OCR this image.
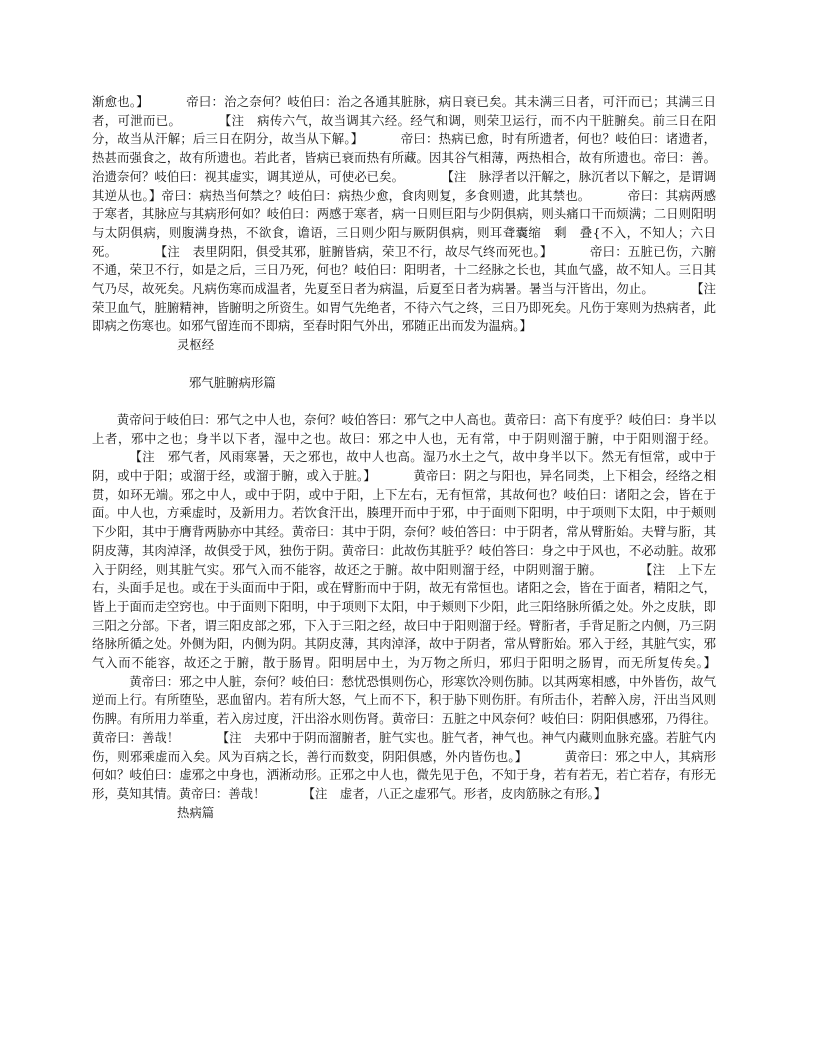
渐愈也。】	帝曰：治之奈何？岐伯曰：治之各通其脏脉，病日衰已矣。其未满三日者，可汗而已；其满三日者，可泄而已。	【注　病传六气，故当调其六经。经气和调，则荣卫运行，而不内干脏腑矣。前三日在阳分，故当从汗解；后三日在阴分，故当从下解。】	帝曰：热病已愈，时有所遗者，何也？岐伯曰：诸遗者，热甚而强食之，故有所遗也。若此者，皆病已衰而热有所藏。因其谷气相薄，两热相合，故有所遗也。帝曰：善。治遗奈何？岐伯曰：视其虚实，调其逆从，可使必已矣。	【注　脉浮者以汗解之，脉沉者以下解之，是谓调其逆从也。】帝曰：病热当何禁之？岐伯曰：病热少愈，食肉则复，多食则遗，此其禁也。	帝曰：其病两感于寒者，其脉应与其病形何如？岐伯曰：两感于寒者，病一日则巨阳与少阴俱病，则头痛口干而烦满；二日则阳明与太阴俱病，则腹满身热，不欲食，谵语，三日则少阳与厥阴俱病，则耳聋囊缩　剩　叠{不入，不知人；六日死。	【注　表里阴阳，俱受其邪，脏腑皆病，荣卫不行，故尽气终而死也。】	帝曰：五脏已伤，六腑不通，荣卫不行，如是之后，三日乃死，何也？岐伯曰：阳明者，十二经脉之长也，其血气盛，故不知人。三日其气乃尽，故死矣。凡病伤寒而成温者，先夏至日者为病温，后夏至日者为病暑。暑当与汗皆出，勿止。	【注　荣卫血气，脏腑精神，皆腑明之所资生。如胃气先绝者，不待六气之终，三日乃即死矣。凡伤于寒则为热病者，此即病之伤寒也。如邪气留连而不即病，至春时阳气外出，邪随正出而发为温病。】

灵枢经

邪气脏腑病形篇

黄帝问于岐伯曰：邪气之中人也，奈何？岐伯答曰：邪气之中人高也。黄帝曰：高下有度乎？岐伯曰：身半以上者，邪中之也；身半以下者，湿中之也。故曰：邪之中人也，无有常，中于阴则溜于腑，中于阳则溜于经。【注　邪气者，风雨寒暑，天之邪也，故中人也高。湿乃水土之气，故中身半以下。然无有恒常，或中于阴，或中于阳；或溜于经，或溜于腑，或入于脏。】	黄帝曰：阴之与阳也，异名同类，上下相会，经络之相贯，如环无端。邪之中人，或中于阴，或中于阳，上下左右，无有恒常，其故何也？岐伯曰：诸阳之会，皆在于面。中人也，方乘虚时，及新用力。若饮食汗出，腠理开而中于邪，中于面则下阳明，中于项则下太阳，中于颊则下少阳，其中于膺背两胁亦中其经。黄帝曰：其中于阴，奈何？岐伯答曰：中于阴者，常从臂胻始。夫臂与胻，其阴皮薄，其肉淖泽，故俱受于风，独伤于阴。黄帝曰：此故伤其脏乎？岐伯答曰：身之中于风也，不必动脏。故邪入于阴经，则其脏气实。邪气入而不能容，故还之于腑。故中阳则溜于经，中阴则溜于腑。	【注　上下左右，头面手足也。或在于头面而中于阳，或在臂胻而中于阴，故无有常恒也。诸阳之会，皆在于面者，精阳之气，皆上于面而走空窍也。中于面则下阳明，中于项则下太阳，中于颊则下少阳，此三阳络脉所循之处。外之皮肤，即三阳之分部。下者，谓三阳皮部之邪，下入于三阳之经，故曰中于阳则溜于经。臂胻者，手背足胻之内侧，乃三阴络脉所循之处。外侧为阳，内侧为阴。其阴皮薄，其肉淖泽，故中于阴者，常从臂胻始。邪入于经，其脏气实，邪气入而不能容，故还之于腑，散于肠胃。阳明居中土，为万物之所归，邪归于阳明之肠胃，而无所复传矣。】黄帝曰：邪之中人脏，奈何？岐伯曰：愁忧恐惧则伤心，形寒饮冷则伤肺。以其两寒相感，中外皆伤，故气逆而上行。有所堕坠，恶血留内。若有所大怒，气上而不下，积于胁下则伤肝。有所击仆，若醉入房，汗出当风则伤脾。有所用力举重，若入房过度，汗出浴水则伤肾。黄帝曰：五脏之中风奈何？岐伯曰：阴阳俱感邪，乃得往。黄帝曰：善哉！	【注　夫邪中于阴而溜腑者，脏气实也。脏气者，神气也。神气内藏则血脉充盛。若脏气内伤，则邪乘虚而入矣。风为百病之长，善行而数变，阴阳俱感，外内皆伤也。】	黄帝曰：邪之中人，其病形何如？岐伯曰：虚邪之中身也，洒淅动形。正邪之中人也，微先见于色，不知于身，若有若无，若亡若存，有形无形，莫知其情。黄帝曰：善哉！	【注　虚者，八正之虚邪气。形者，皮肉筋脉之有形。】

热病篇
